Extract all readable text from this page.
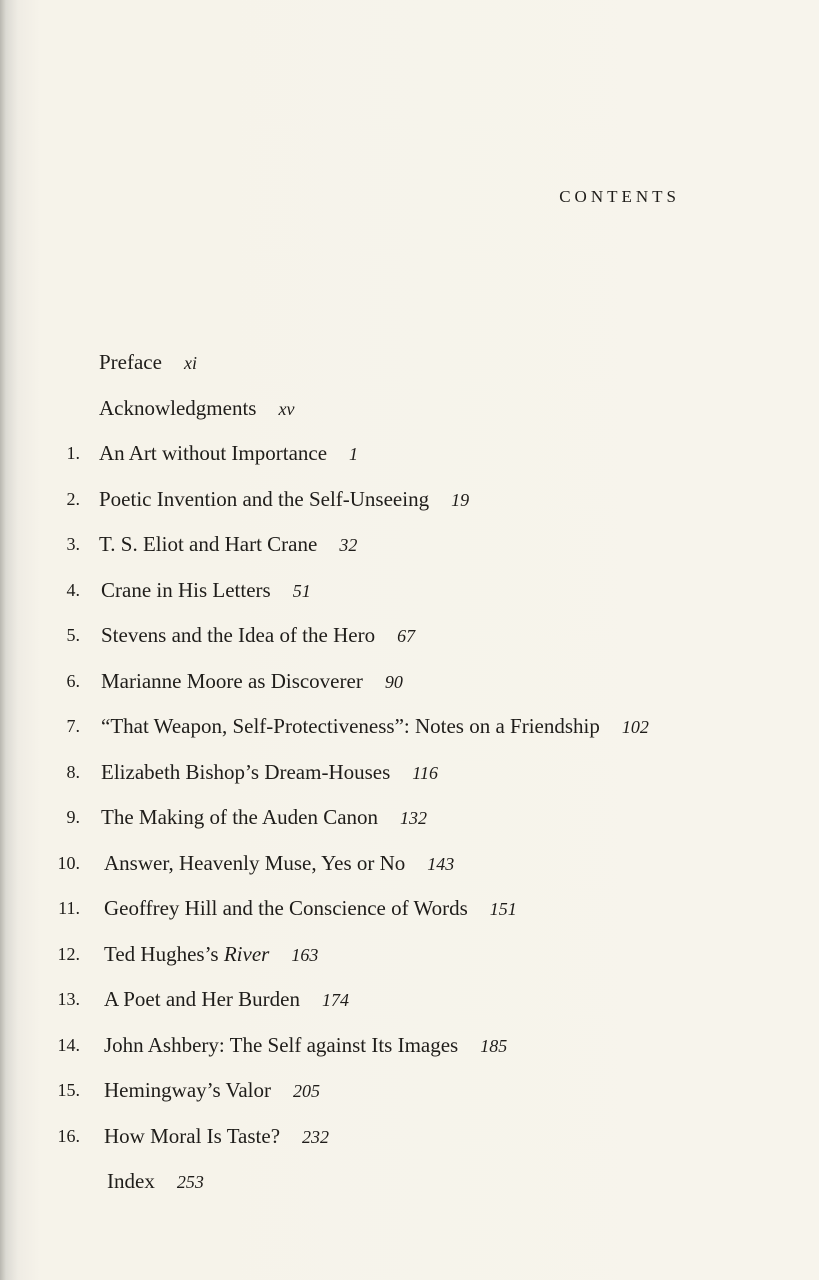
CONTENTS
Preface xi
Acknowledgments xv
1. An Art without Importance 1
2. Poetic Invention and the Self-Unseeing 19
3. T. S. Eliot and Hart Crane 32
4. Crane in His Letters 51
5. Stevens and the Idea of the Hero 67
6. Marianne Moore as Discoverer 90
7. “That Weapon, Self-Protectiveness”: Notes on a Friendship 102
8. Elizabeth Bishop’s Dream-Houses 116
9. The Making of the Auden Canon 132
10. Answer, Heavenly Muse, Yes or No 143
11. Geoffrey Hill and the Conscience of Words 151
12. Ted Hughes’s River 163
13. A Poet and Her Burden 174
14. John Ashbery: The Self against Its Images 185
15. Hemingway’s Valor 205
16. How Moral Is Taste? 232
Index 253
